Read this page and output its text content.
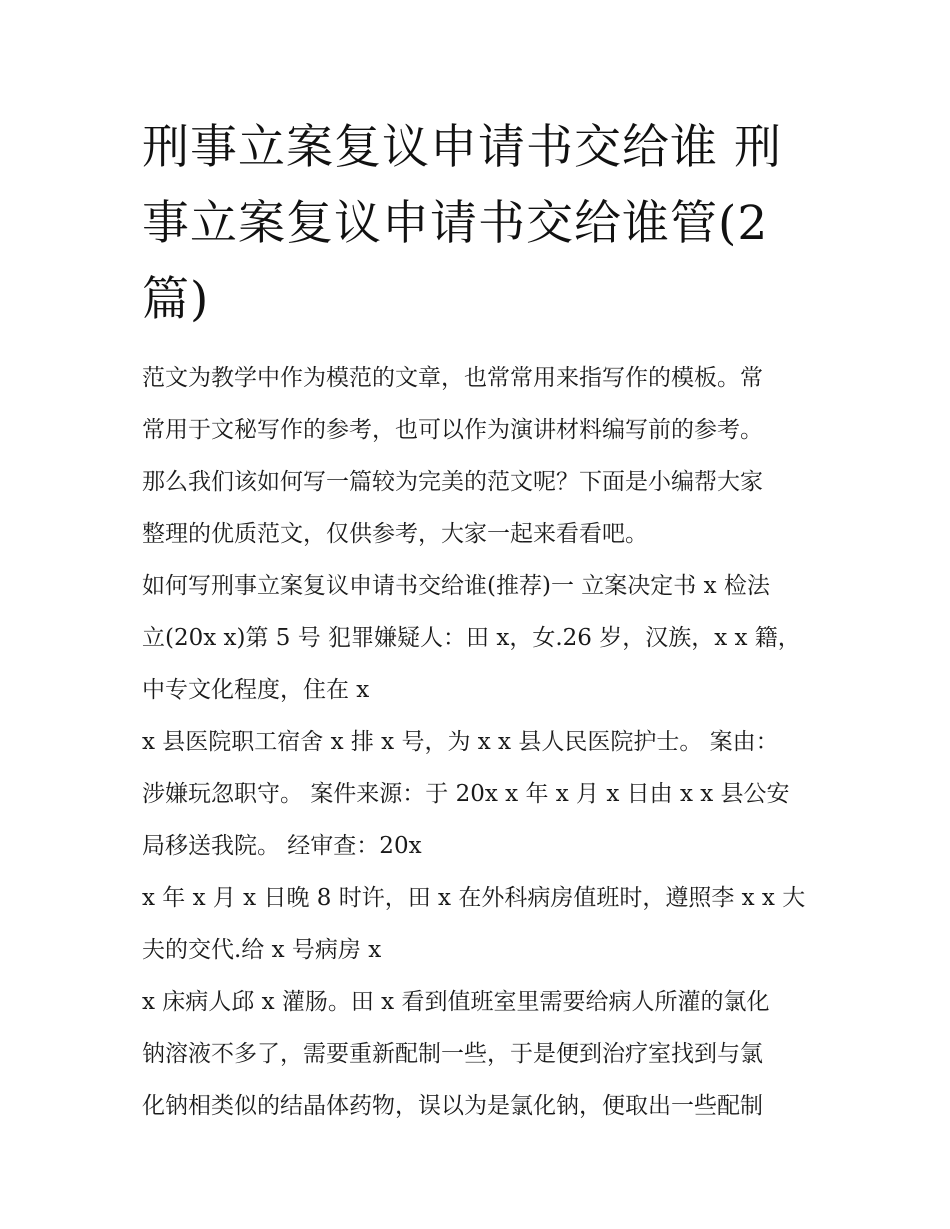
刑事立案复议申请书交给谁 刑
事立案复议申请书交给谁管(2
篇)

范文为教学中作为模范的文章，也常常用来指写作的模板。常
常用于文秘写作的参考，也可以作为演讲材料编写前的参考。
那么我们该如何写一篇较为完美的范文呢？下面是小编帮大家
整理的优质范文，仅供参考，大家一起来看看吧。

如何写刑事立案复议申请书交给谁(推荐)一 立案决定书 x 检法
立(20x x)第 5 号 犯罪嫌疑人：田 x，女.26 岁，汉族，x x 籍，
中专文化程度，住在 x
x 县医院职工宿舍 x 排 x 号，为 x x 县人民医院护士。 案由：
涉嫌玩忽职守。 案件来源：于 20x x 年 x 月 x 日由 x x 县公安
局移送我院。 经审查：20x
x 年 x 月 x 日晚 8 时许，田 x 在外科病房值班时，遵照李 x x 大
夫的交代.给 x 号病房 x
x 床病人邱 x 灌肠。田 x 看到值班室里需要给病人所灌的氯化
钠溶液不多了，需要重新配制一些，于是便到治疗室找到与氯
化钠相类似的结晶体药物，误以为是氯化钠，便取出一些配制
